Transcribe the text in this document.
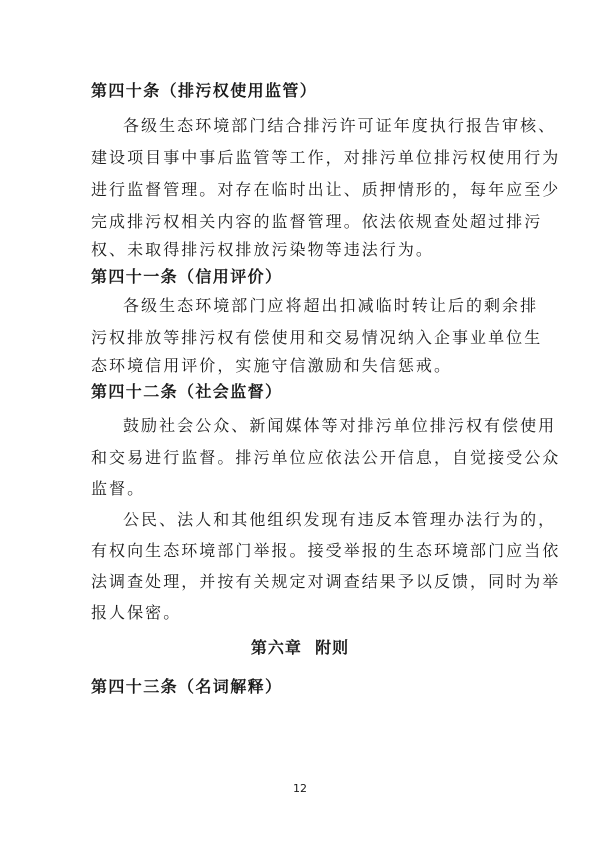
第四十条（排污权使用监管）
各级生态环境部门结合排污许可证年度执行报告审核、
建设项目事中事后监管等工作，对排污单位排污权使用行为
进行监督管理。对存在临时出让、质押情形的，每年应至少
完成排污权相关内容的监督管理。依法依规查处超过排污
权、未取得排污权排放污染物等违法行为。
第四十一条（信用评价）
各级生态环境部门应将超出扣减临时转让后的剩余排
污权排放等排污权有偿使用和交易情况纳入企事业单位生
态环境信用评价，实施守信激励和失信惩戒。
第四十二条（社会监督）
鼓励社会公众、新闻媒体等对排污单位排污权有偿使用
和交易进行监督。排污单位应依法公开信息，自觉接受公众
监督。
公民、法人和其他组织发现有违反本管理办法行为的，
有权向生态环境部门举报。接受举报的生态环境部门应当依
法调查处理，并按有关规定对调查结果予以反馈，同时为举
报人保密。
第六章  附则
第四十三条（名词解释）
12
